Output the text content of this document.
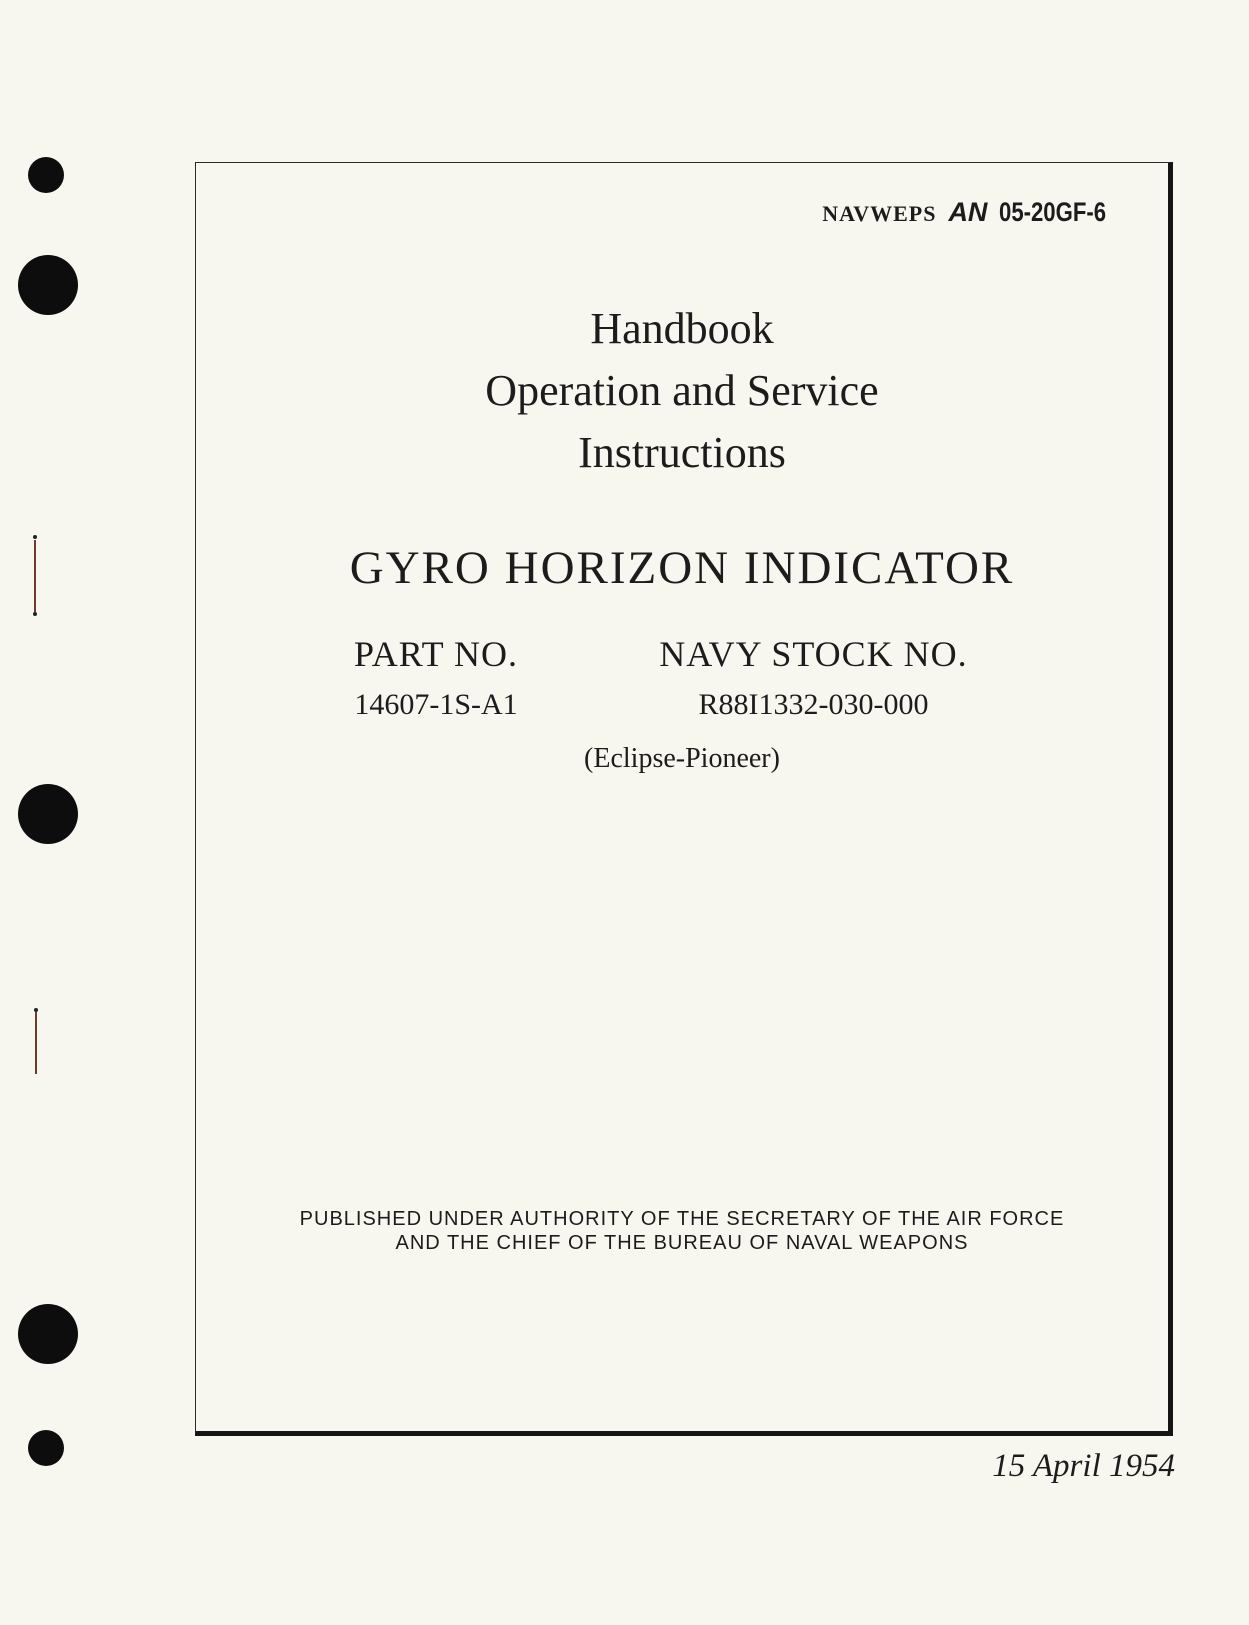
NAVWEPS AN 05-20GF-6
Handbook
Operation and Service
Instructions
GYRO HORIZON INDICATOR
PART NO.	NAVY STOCK NO.
14607-1S-A1	R88I1332-030-000
(Eclipse-Pioneer)
PUBLISHED UNDER AUTHORITY OF THE SECRETARY OF THE AIR FORCE
AND THE CHIEF OF THE BUREAU OF NAVAL WEAPONS
15 April 1954
